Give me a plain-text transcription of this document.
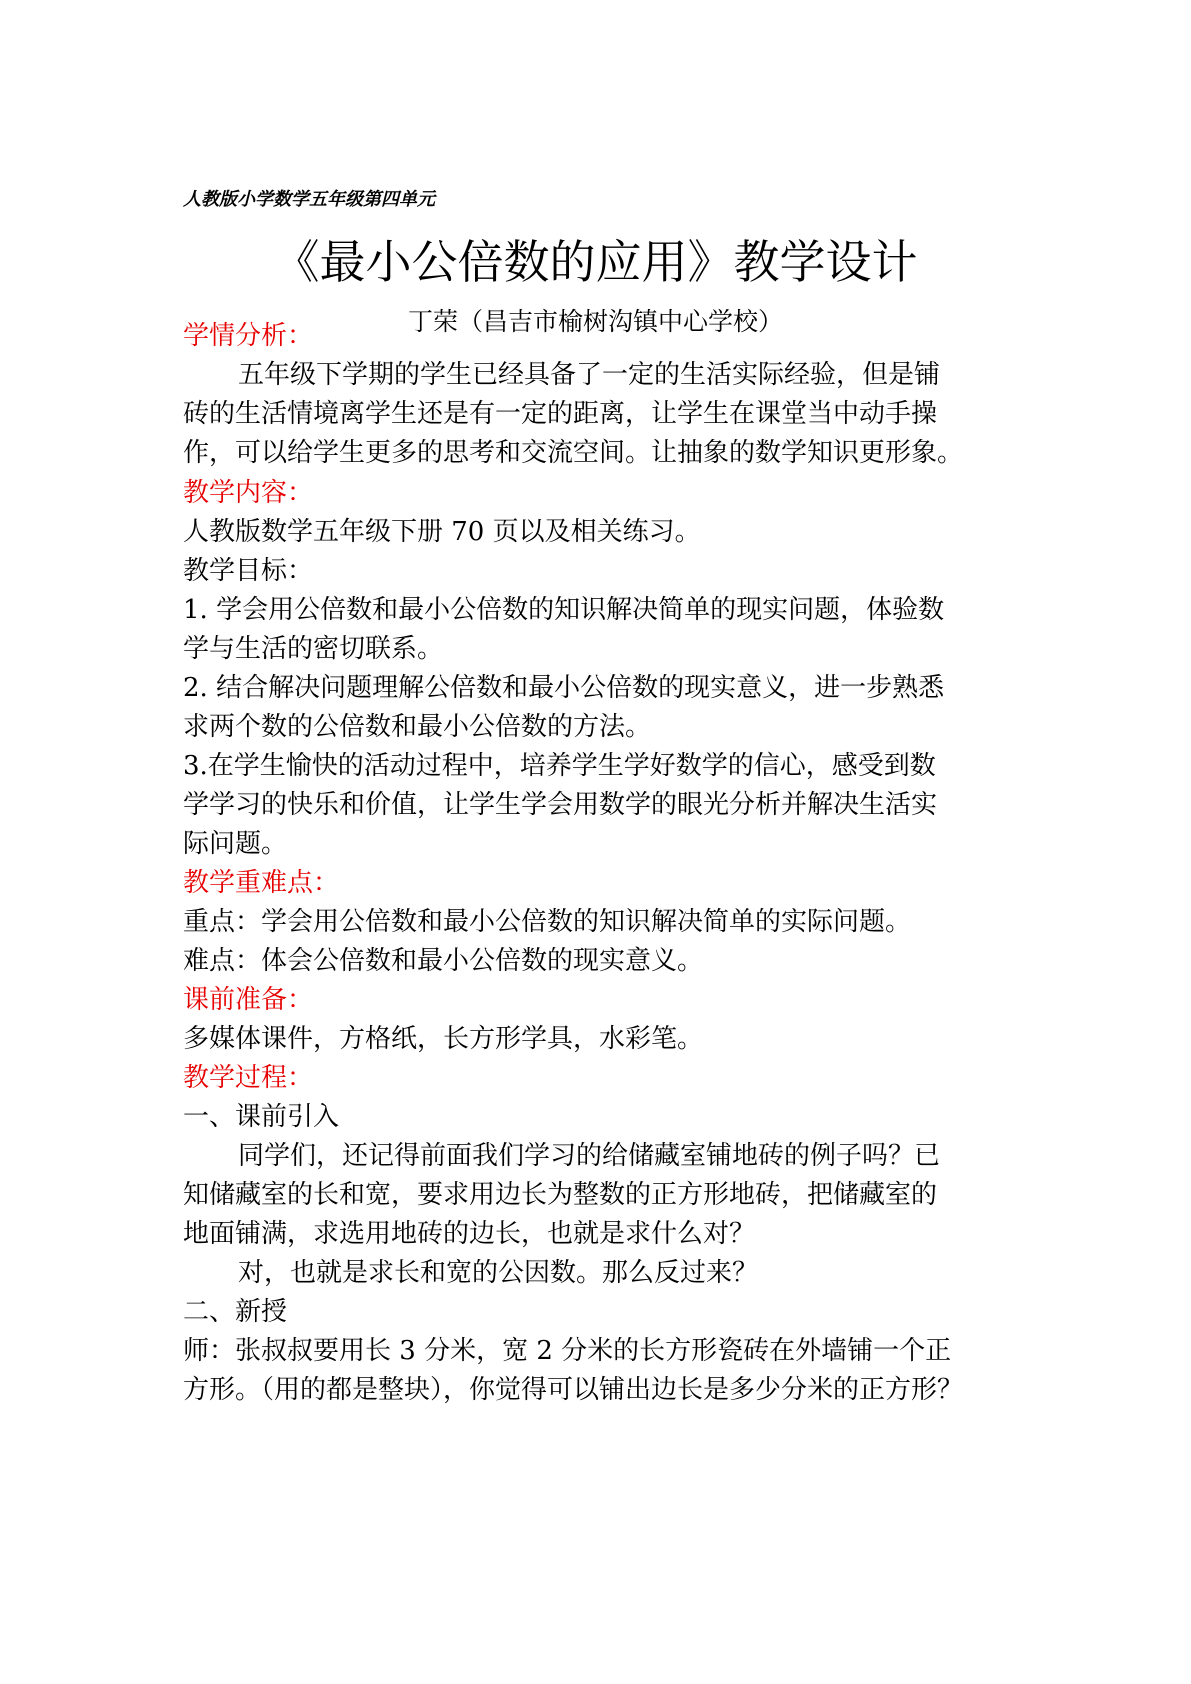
人教版小学数学五年级第四单元
《最小公倍数的应用》教学设计
丁荣（昌吉市榆树沟镇中心学校）
学情分析：
五年级下学期的学生已经具备了一定的生活实际经验，但是铺
砖的生活情境离学生还是有一定的距离，让学生在课堂当中动手操
作，可以给学生更多的思考和交流空间。让抽象的数学知识更形象。
教学内容：
人教版数学五年级下册 70 页以及相关练习。
教学目标：
1. 学会用公倍数和最小公倍数的知识解决简单的现实问题，体验数
学与生活的密切联系。
2. 结合解决问题理解公倍数和最小公倍数的现实意义，进一步熟悉
求两个数的公倍数和最小公倍数的方法。
3.在学生愉快的活动过程中，培养学生学好数学的信心，感受到数
学学习的快乐和价值，让学生学会用数学的眼光分析并解决生活实
际问题。
教学重难点：
重点：学会用公倍数和最小公倍数的知识解决简单的实际问题。
难点：体会公倍数和最小公倍数的现实意义。
课前准备：
多媒体课件，方格纸，长方形学具，水彩笔。
教学过程：
一、课前引入
同学们，还记得前面我们学习的给储藏室铺地砖的例子吗？已
知储藏室的长和宽，要求用边长为整数的正方形地砖，把储藏室的
地面铺满，求选用地砖的边长，也就是求什么对？
对，也就是求长和宽的公因数。那么反过来？
二、新授
师：张叔叔要用长 3 分米，宽 2 分米的长方形瓷砖在外墙铺一个正
方形。（用的都是整块），你觉得可以铺出边长是多少分米的正方形？
